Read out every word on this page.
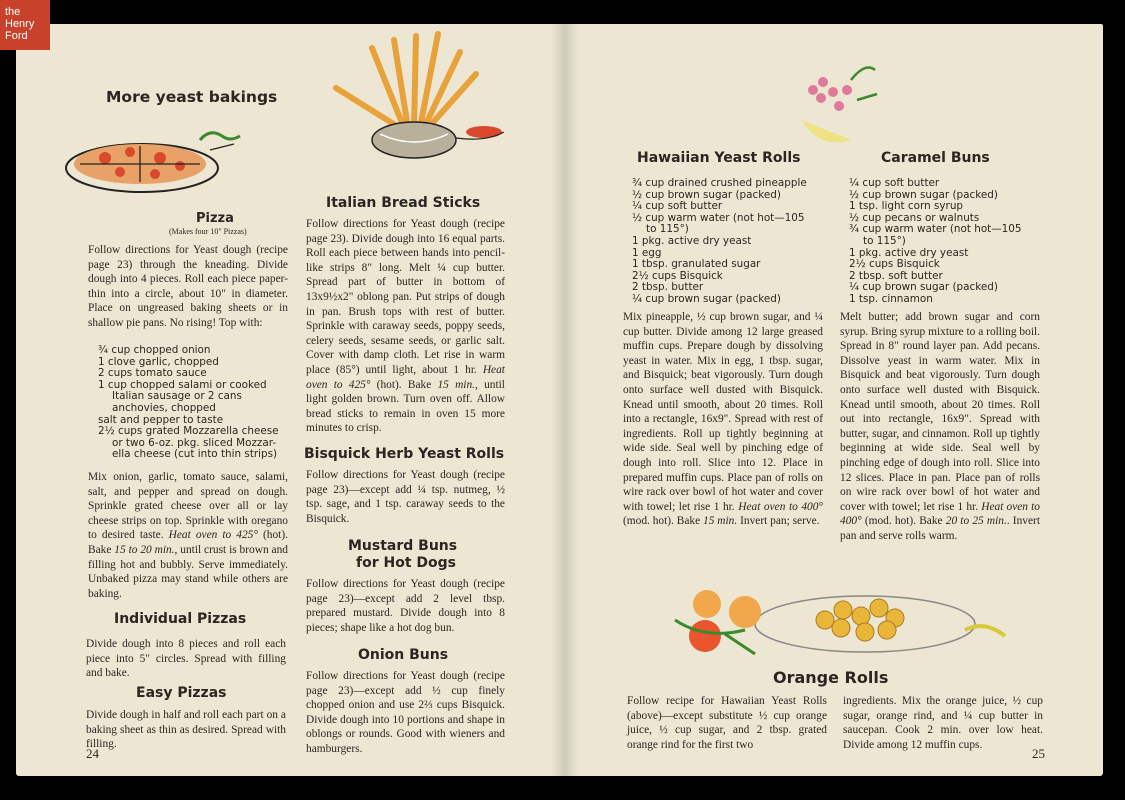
the
Henry
Ford
More yeast bakings
Pizza
(Makes four 10" Pizzas)
Follow directions for Yeast dough (recipe page 23) through the kneading. Divide dough into 4 pieces. Roll each piece paper-thin into a circle, about 10" in diameter. Place on ungreased baking sheets or in shallow pie pans. No rising! Top with:
¾ cup chopped onion
1 clove garlic, chopped
2 cups tomato sauce
1 cup chopped salami or cooked
Italian sausage or 2 cans
anchovies, chopped
salt and pepper to taste
2½ cups grated Mozzarella cheese
or two 6-oz. pkg. sliced Mozzar-
ella cheese (cut into thin strips)
Mix onion, garlic, tomato sauce, salami, salt, and pepper and spread on dough. Sprinkle grated cheese over all or lay cheese strips on top. Sprinkle with oregano to desired taste. Heat oven to 425° (hot). Bake 15 to 20 min., until crust is brown and filling hot and bubbly. Serve immediately. Unbaked pizza may stand while others are baking.
Individual Pizzas
Divide dough into 8 pieces and roll each piece into 5" circles. Spread with filling and bake.
Easy Pizzas
Divide dough in half and roll each part on a baking sheet as thin as desired. Spread with filling.
24
Italian Bread Sticks
Follow directions for Yeast dough (recipe page 23). Divide dough into 16 equal parts. Roll each piece between hands into pencil-like strips 8" long. Melt ¼ cup butter. Spread part of butter in bottom of 13x9½x2" oblong pan. Put strips of dough in pan. Brush tops with rest of butter. Sprinkle with caraway seeds, poppy seeds, celery seeds, sesame seeds, or garlic salt. Cover with damp cloth. Let rise in warm place (85°) until light, about 1 hr. Heat oven to 425° (hot). Bake 15 min., until light golden brown. Turn oven off. Allow bread sticks to remain in oven 15 more minutes to crisp.
Bisquick Herb Yeast Rolls
Follow directions for Yeast dough (recipe page 23)—except add ¼ tsp. nutmeg, ½ tsp. sage, and 1 tsp. caraway seeds to the Bisquick.
Mustard Buns
for Hot Dogs
Follow directions for Yeast dough (recipe page 23)—except add 2 level tbsp. prepared mustard. Divide dough into 8 pieces; shape like a hot dog bun.
Onion Buns
Follow directions for Yeast dough (recipe page 23)—except add ½ cup finely chopped onion and use 2⅔ cups Bisquick. Divide dough into 10 portions and shape in oblongs or rounds. Good with wieners and hamburgers.
Hawaiian Yeast Rolls
¾ cup drained crushed pineapple
½ cup brown sugar (packed)
¼ cup soft butter
½ cup warm water (not hot—105
to 115°)
1 pkg. active dry yeast
1 egg
1 tbsp. granulated sugar
2½ cups Bisquick
2 tbsp. butter
¼ cup brown sugar (packed)
Mix pineapple, ½ cup brown sugar, and ¼ cup butter. Divide among 12 large greased muffin cups. Prepare dough by dissolving yeast in water. Mix in egg, 1 tbsp. sugar, and Bisquick; beat vigorously. Turn dough onto surface well dusted with Bisquick. Knead until smooth, about 20 times. Roll into a rectangle, 16x9". Spread with rest of ingredients. Roll up tightly beginning at wide side. Seal well by pinching edge of dough into roll. Slice into 12. Place in prepared muffin cups. Place pan of rolls on wire rack over bowl of hot water and cover with towel; let rise 1 hr. Heat oven to 400° (mod. hot). Bake 15 min. Invert pan; serve.
Caramel Buns
¼ cup soft butter
½ cup brown sugar (packed)
1 tsp. light corn syrup
½ cup pecans or walnuts
¾ cup warm water (not hot—105
to 115°)
1 pkg. active dry yeast
2½ cups Bisquick
2 tbsp. soft butter
¼ cup brown sugar (packed)
1 tsp. cinnamon
Melt butter; add brown sugar and corn syrup. Bring syrup mixture to a rolling boil. Spread in 8" round layer pan. Add pecans. Dissolve yeast in warm water. Mix in Bisquick and beat vigorously. Turn dough onto surface well dusted with Bisquick. Knead until smooth, about 20 times. Roll out into rectangle, 16x9". Spread with butter, sugar, and cinnamon. Roll up tightly beginning at wide side. Seal well by pinching edge of dough into roll. Slice into 12 slices. Place in pan. Place pan of rolls on wire rack over bowl of hot water and cover with towel; let rise 1 hr. Heat oven to 400° (mod. hot). Bake 20 to 25 min.. Invert pan and serve rolls warm.
Orange Rolls
Follow recipe for Hawaiian Yeast Rolls (above)—except substitute ½ cup orange juice, ½ cup sugar, and 2 tbsp. grated orange rind for the first two
ingredients. Mix the orange juice, ½ cup sugar, orange rind, and ¼ cup butter in saucepan. Cook 2 min. over low heat. Divide among 12 muffin cups.
25
